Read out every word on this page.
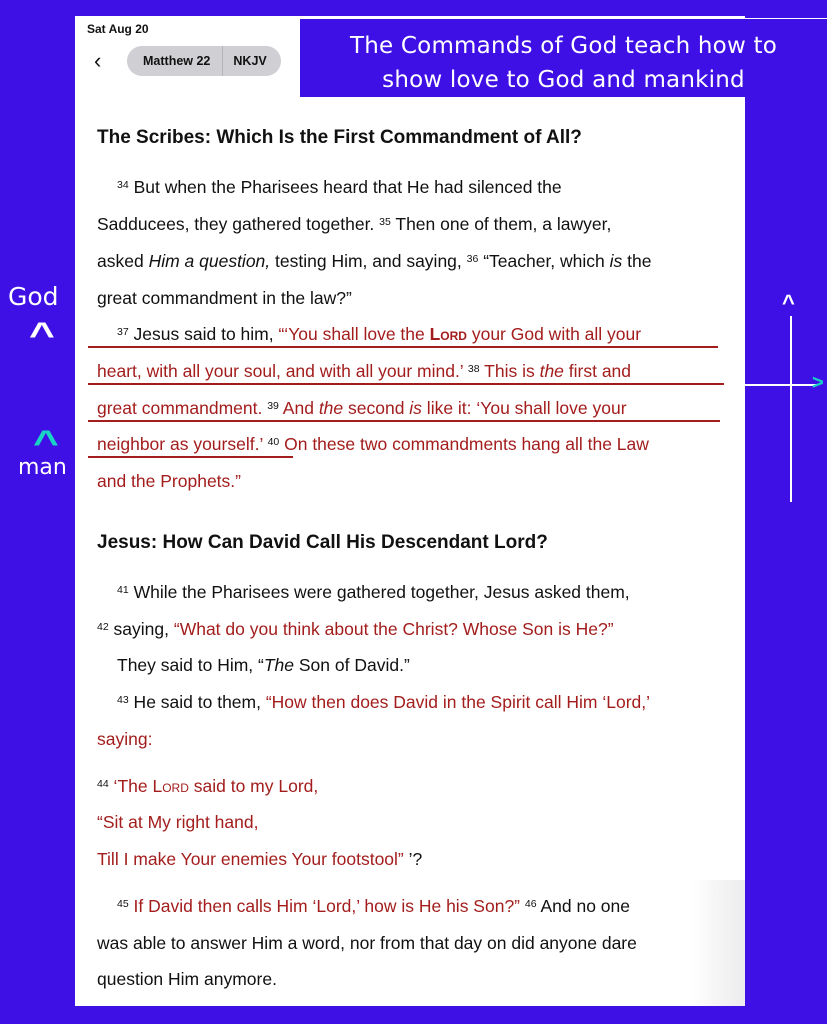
Sat Aug 20
‹	Matthew 22	NKJV
The Commands of God teach how to
show love to God and mankind
God
^
^
man
^
>
The Scribes: Which Is the First Commandment of All?
$^{34}$ But when the Pharisees heard that He had silenced the
Sadducees, they gathered together. $^{35}$ Then one of them, a lawyer,
asked Him a question, testing Him, and saying, $^{36}$ “Teacher, which is the
great commandment in the law?”
$^{37}$ Jesus said to him, “‘You shall love the Lord your God with all your
heart, with all your soul, and with all your mind.’ $^{38}$ This is the first and
great commandment. $^{39}$ And the second is like it: ‘You shall love your
neighbor as yourself.’ $^{40}$ On these two commandments hang all the Law
and the Prophets.”
Jesus: How Can David Call His Descendant Lord?
$^{41}$ While the Pharisees were gathered together, Jesus asked them,
$^{42}$ saying, “What do you think about the Christ? Whose Son is He?”
They said to Him, “The Son of David.”
$^{43}$ He said to them, “How then does David in the Spirit call Him ‘Lord,’
saying:
$^{44}$ ‘The Lord said to my Lord,
“Sit at My right hand,
Till I make Your enemies Your footstool” ’?
$^{45}$ If David then calls Him ‘Lord,’ how is He his Son?” $^{46}$ And no one
was able to answer Him a word, nor from that day on did anyone dare
question Him anymore.
